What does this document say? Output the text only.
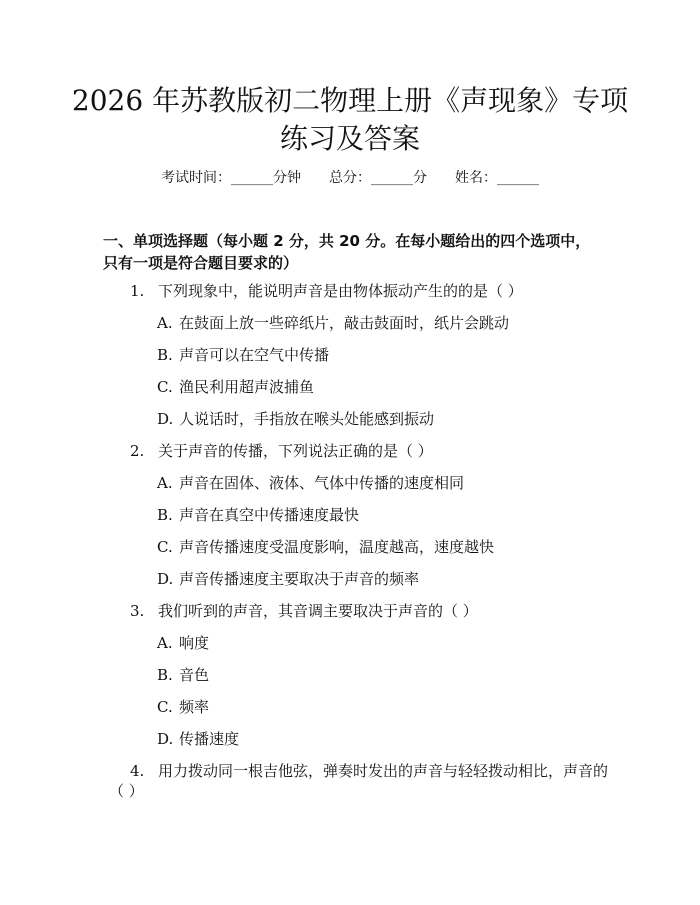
2026 年苏教版初二物理上册《声现象》专项
练习及答案
考试时间：______分钟 总分：______分 姓名：______
一、单项选择题（每小题 2 分，共 20 分。在每小题给出的四个选项中，只有一项是符合题目要求的）
1. 下列现象中，能说明声音是由物体振动产生的的是（ ）
A. 在鼓面上放一些碎纸片，敲击鼓面时，纸片会跳动
B. 声音可以在空气中传播
C. 渔民利用超声波捕鱼
D. 人说话时，手指放在喉头处能感到振动
2. 关于声音的传播，下列说法正确的是（ ）
A. 声音在固体、液体、气体中传播的速度相同
B. 声音在真空中传播速度最快
C. 声音传播速度受温度影响，温度越高，速度越快
D. 声音传播速度主要取决于声音的频率
3. 我们听到的声音，其音调主要取决于声音的（ ）
A. 响度
B. 音色
C. 频率
D. 传播速度
4. 用力拨动同一根吉他弦，弹奏时发出的声音与轻轻拨动相比，声音的
（ ）
